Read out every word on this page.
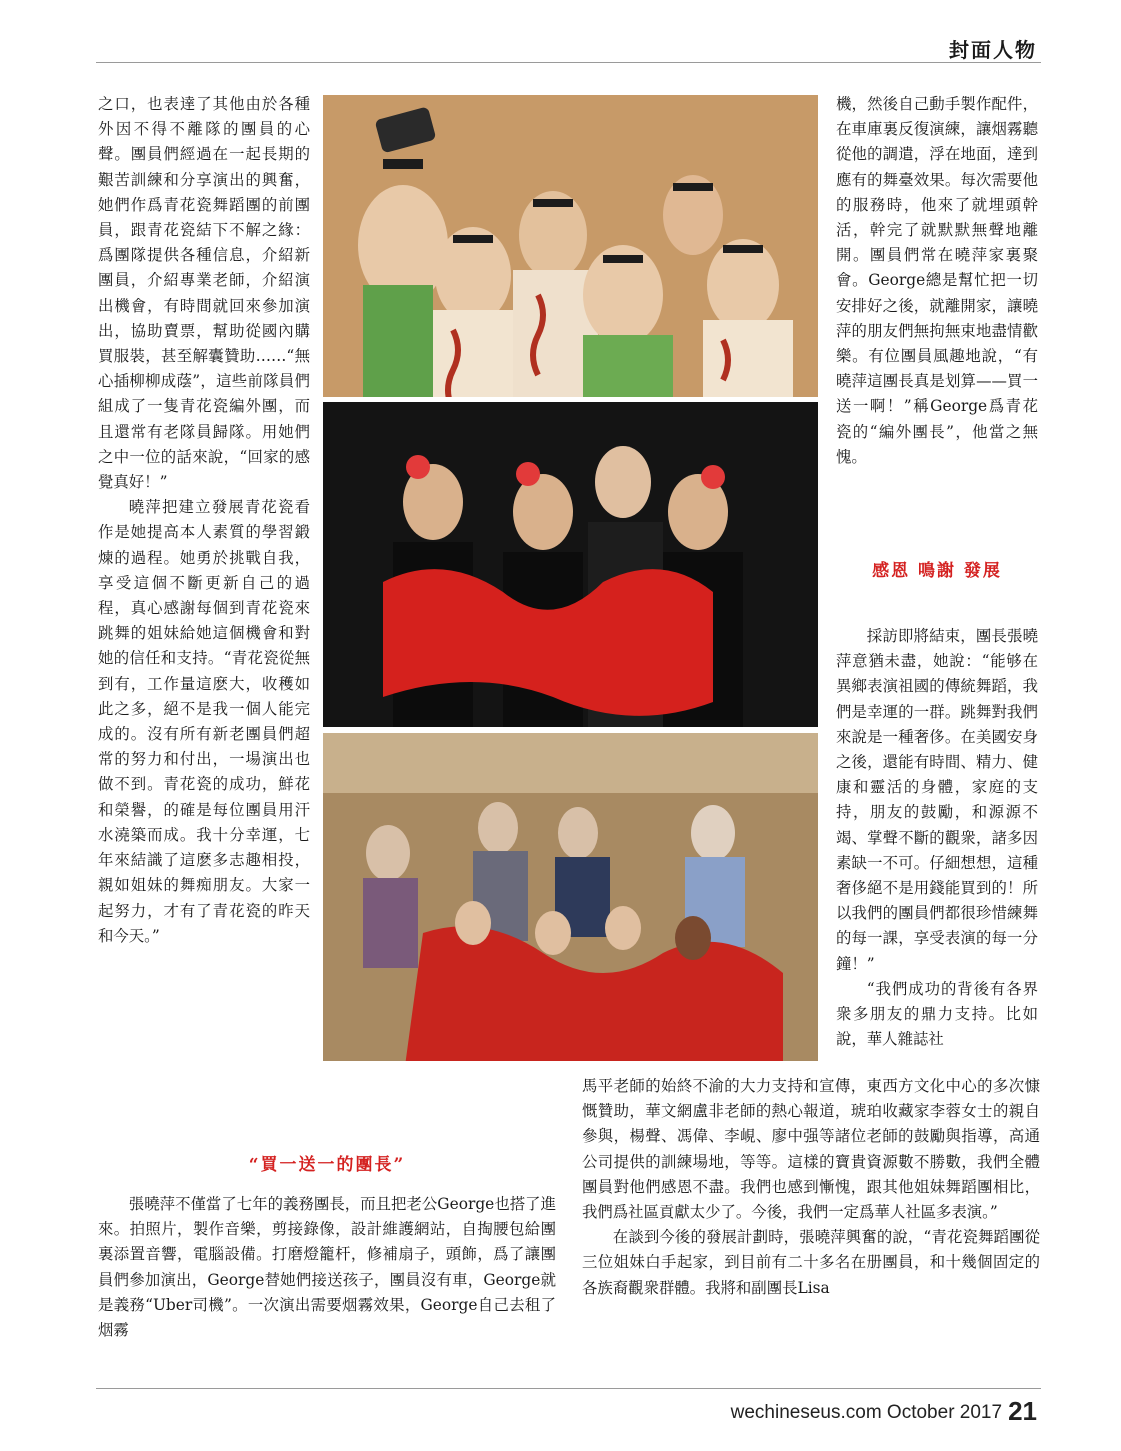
封面人物

之口，也表達了其他由於各種外因不得不離隊的團員的心聲。團員們經過在一起長期的艱苦訓練和分享演出的興奮，她們作爲青花瓷舞蹈團的前團員，跟青花瓷結下不解之緣：爲團隊提供各種信息，介紹新團員，介紹專業老師，介紹演出機會，有時間就回來參加演出，協助賣票，幫助從國內購買服裝，甚至解囊贊助……“無心插柳柳成蔭”，這些前隊員們組成了一隻青花瓷編外團，而且還常有老隊員歸隊。用她們之中一位的話來說，“回家的感覺真好！”

曉萍把建立發展青花瓷看作是她提高本人素質的學習鍛煉的過程。她勇於挑戰自我，享受這個不斷更新自己的過程，真心感謝每個到青花瓷來跳舞的姐妹給她這個機會和對她的信任和支持。“青花瓷從無到有，工作量這麽大，收穫如此之多，絕不是我一個人能完成的。沒有所有新老團員們超常的努力和付出，一場演出也做不到。青花瓷的成功，鮮花和榮譽，的確是每位團員用汗水澆築而成。我十分幸運，七年來結識了這麽多志趣相投，親如姐妹的舞痴朋友。大家一起努力，才有了青花瓷的昨天和今天。”

機，然後自己動手製作配件，在車庫裏反復演練，讓烟霧聽從他的調遣，浮在地面，達到應有的舞臺效果。每次需要他的服務時，他來了就埋頭幹活，幹完了就默默無聲地離開。團員們常在曉萍家裏聚會。George總是幫忙把一切安排好之後，就離開家，讓曉萍的朋友們無拘無束地盡情歡樂。有位團員風趣地說，“有曉萍這團長真是划算——買一送一啊！”稱George爲青花瓷的“編外團長”，他當之無愧。

感恩 鳴謝 發展

採訪即將結束，團長張曉萍意猶未盡，她說：“能够在異鄉表演祖國的傳統舞蹈，我們是幸運的一群。跳舞對我們來說是一種奢侈。在美國安身之後，還能有時間、精力、健康和靈活的身體，家庭的支持，朋友的鼓勵，和源源不竭、掌聲不斷的觀衆，諸多因素缺一不可。仔細想想，這種奢侈絕不是用錢能買到的！所以我們的團員們都很珍惜練舞的每一課，享受表演的每一分鐘！”

“我們成功的背後有各界衆多朋友的鼎力支持。比如說，華人雜誌社

馬平老師的始終不渝的大力支持和宣傳，東西方文化中心的多次慷慨贊助，華文網盧非老師的熱心報道，琥珀收藏家李蓉女士的親自參與，楊聲、馮偉、李峴、廖中强等諸位老師的鼓勵與指導，高通公司提供的訓練場地，等等。這樣的寶貴資源數不勝數，我們全體團員對他們感恩不盡。我們也感到慚愧，跟其他姐妹舞蹈團相比，我們爲社區貢獻太少了。今後，我們一定爲華人社區多表演。”

在談到今後的發展計劃時，張曉萍興奮的說，“青花瓷舞蹈團從三位姐妹白手起家，到目前有二十多名在册團員，和十幾個固定的各族裔觀衆群體。我將和副團長Lisa

“買一送一的團長”

張曉萍不僅當了七年的義務團長，而且把老公George也搭了進來。拍照片，製作音樂，剪接錄像，設計維護網站，自掏腰包給團裏添置音響，電腦設備。打磨燈籠杆，修補扇子，頭飾，爲了讓團員們參加演出，George替她們接送孩子，團員沒有車，George就是義務“Uber司機”。一次演出需要烟霧效果，George自己去租了烟霧

wechineseus.com October 2017 21
